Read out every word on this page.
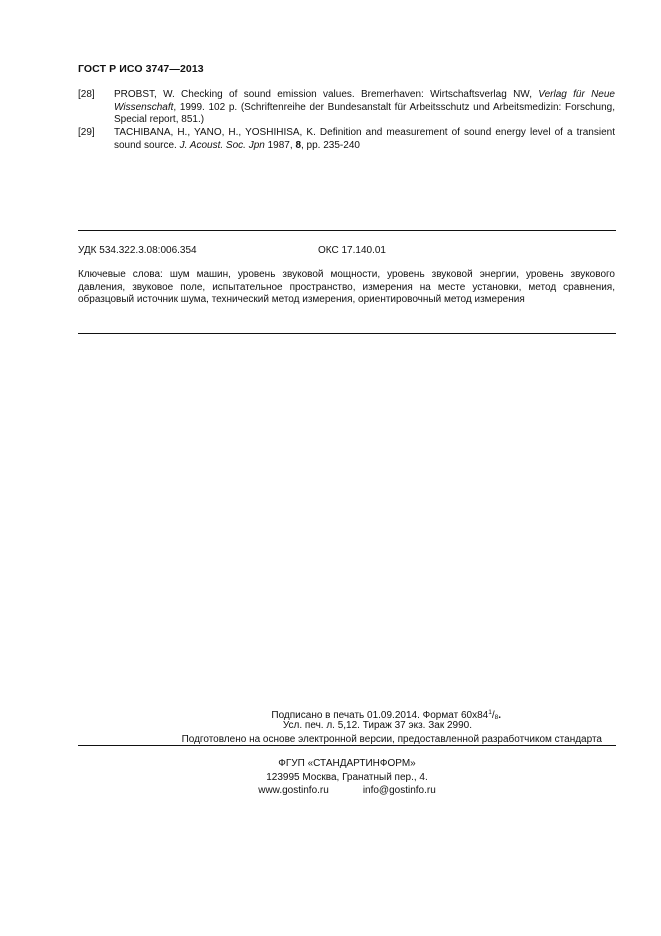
ГОСТ Р ИСО 3747—2013
[28] PROBST, W. Checking of sound emission values. Bremerhaven: Wirtschaftsverlag NW, Verlag für Neue Wissenschaft, 1999. 102 p. (Schriftenreihe der Bundesanstalt für Arbeitsschutz und Arbeitsmedizin: Forschung, Special report, 851.)
[29] TACHIBANA, H., YANO, H., YOSHIHISA, K. Definition and measurement of sound energy level of a transient sound source. J. Acoust. Soc. Jpn 1987, 8, pp. 235-240
УДК 534.322.3.08:006.354	ОКС 17.140.01
Ключевые слова: шум машин, уровень звуковой мощности, уровень звуковой энергии, уровень звукового давления, звуковое поле, испытательное пространство, измерения на месте установки, метод сравнения, образцовый источник шума, технический метод измерения, ориентировочный метод измерения
Подписано в печать 01.09.2014. Формат $60х84^1/_8$.
Усл. печ. л. 5,12. Тираж 37 экз. Зак 2990.
Подготовлено на основе электронной версии, предоставленной разработчиком стандарта
ФГУП «СТАНДАРТИНФОРМ»
123995 Москва, Гранатный пер., 4.
www.gostinfo.ru	info@gostinfo.ru
